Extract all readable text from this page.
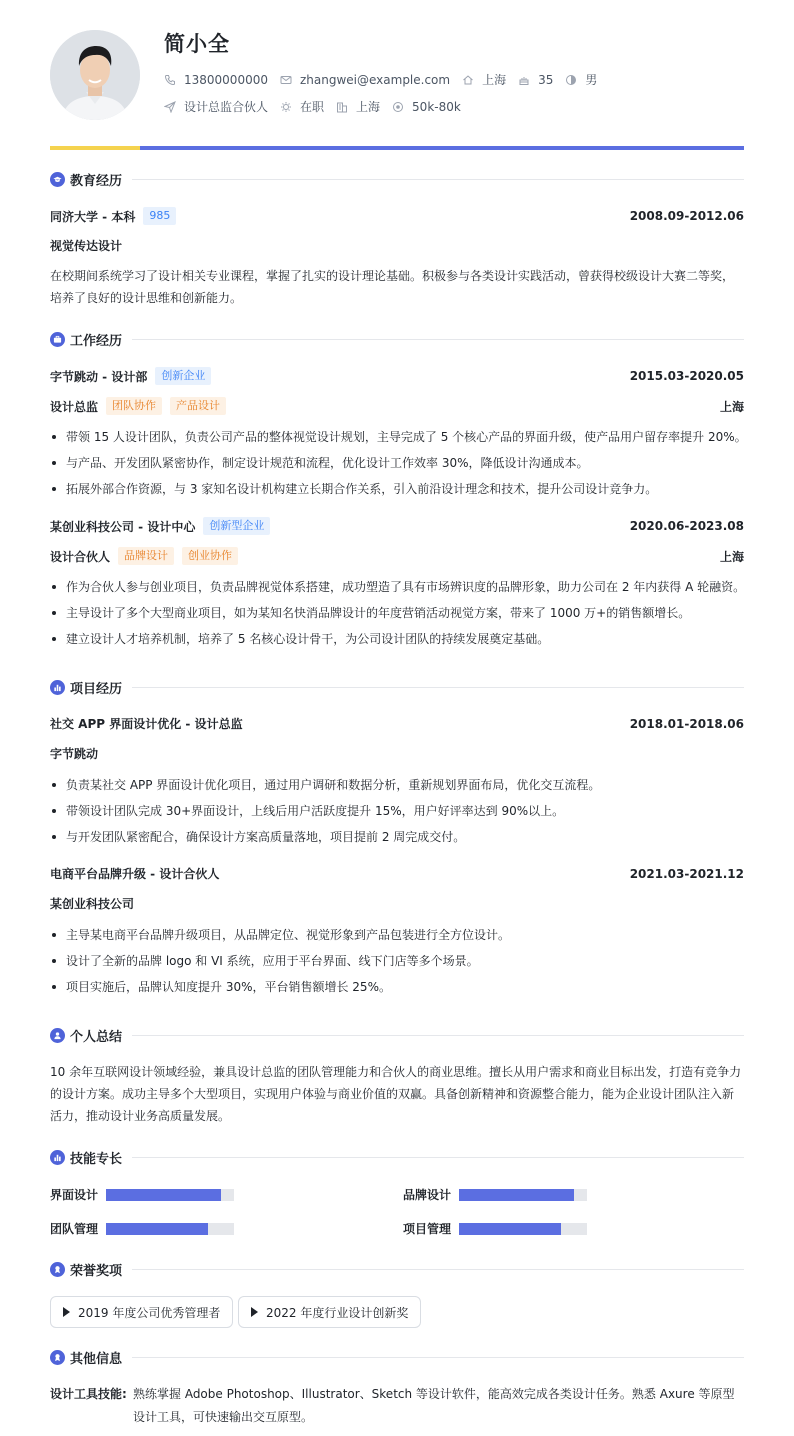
简小全
13800000000	zhangwei@example.com	上海	35	男
设计总监合伙人	在职	上海	50k-80k
教育经历
同济大学 - 本科	985	2008.09-2012.06
视觉传达设计
在校期间系统学习了设计相关专业课程，掌握了扎实的设计理论基础。积极参与各类设计实践活动，曾获得校级设计大赛二等奖，培养了良好的设计思维和创新能力。
工作经历
字节跳动 - 设计部	创新企业	2015.03-2020.05
设计总监	团队协作	产品设计	上海
带领 15 人设计团队，负责公司产品的整体视觉设计规划，主导完成了 5 个核心产品的界面升级，使产品用户留存率提升 20%。
与产品、开发团队紧密协作，制定设计规范和流程，优化设计工作效率 30%，降低设计沟通成本。
拓展外部合作资源，与 3 家知名设计机构建立长期合作关系，引入前沿设计理念和技术，提升公司设计竞争力。
某创业科技公司 - 设计中心	创新型企业	2020.06-2023.08
设计合伙人	品牌设计	创业协作	上海
作为合伙人参与创业项目，负责品牌视觉体系搭建，成功塑造了具有市场辨识度的品牌形象，助力公司在 2 年内获得 A 轮融资。
主导设计了多个大型商业项目，如为某知名快消品牌设计的年度营销活动视觉方案，带来了 1000 万+的销售额增长。
建立设计人才培养机制，培养了 5 名核心设计骨干，为公司设计团队的持续发展奠定基础。
项目经历
社交 APP 界面设计优化 - 设计总监	2018.01-2018.06
字节跳动
负责某社交 APP 界面设计优化项目，通过用户调研和数据分析，重新规划界面布局，优化交互流程。
带领设计团队完成 30+界面设计，上线后用户活跃度提升 15%，用户好评率达到 90%以上。
与开发团队紧密配合，确保设计方案高质量落地，项目提前 2 周完成交付。
电商平台品牌升级 - 设计合伙人	2021.03-2021.12
某创业科技公司
主导某电商平台品牌升级项目，从品牌定位、视觉形象到产品包装进行全方位设计。
设计了全新的品牌 logo 和 VI 系统，应用于平台界面、线下门店等多个场景。
项目实施后，品牌认知度提升 30%，平台销售额增长 25%。
个人总结
10 余年互联网设计领域经验，兼具设计总监的团队管理能力和合伙人的商业思维。擅长从用户需求和商业目标出发，打造有竞争力的设计方案。成功主导多个大型项目，实现用户体验与商业价值的双赢。具备创新精神和资源整合能力，能为企业设计团队注入新活力，推动设计业务高质量发展。
技能专长
界面设计	品牌设计
团队管理	项目管理
荣誉奖项
2019 年度公司优秀管理者	2022 年度行业设计创新奖
其他信息
设计工具技能: 熟练掌握 Adobe Photoshop、Illustrator、Sketch 等设计软件，能高效完成各类设计任务。熟悉 Axure 等原型设计工具，可快速输出交互原型。
